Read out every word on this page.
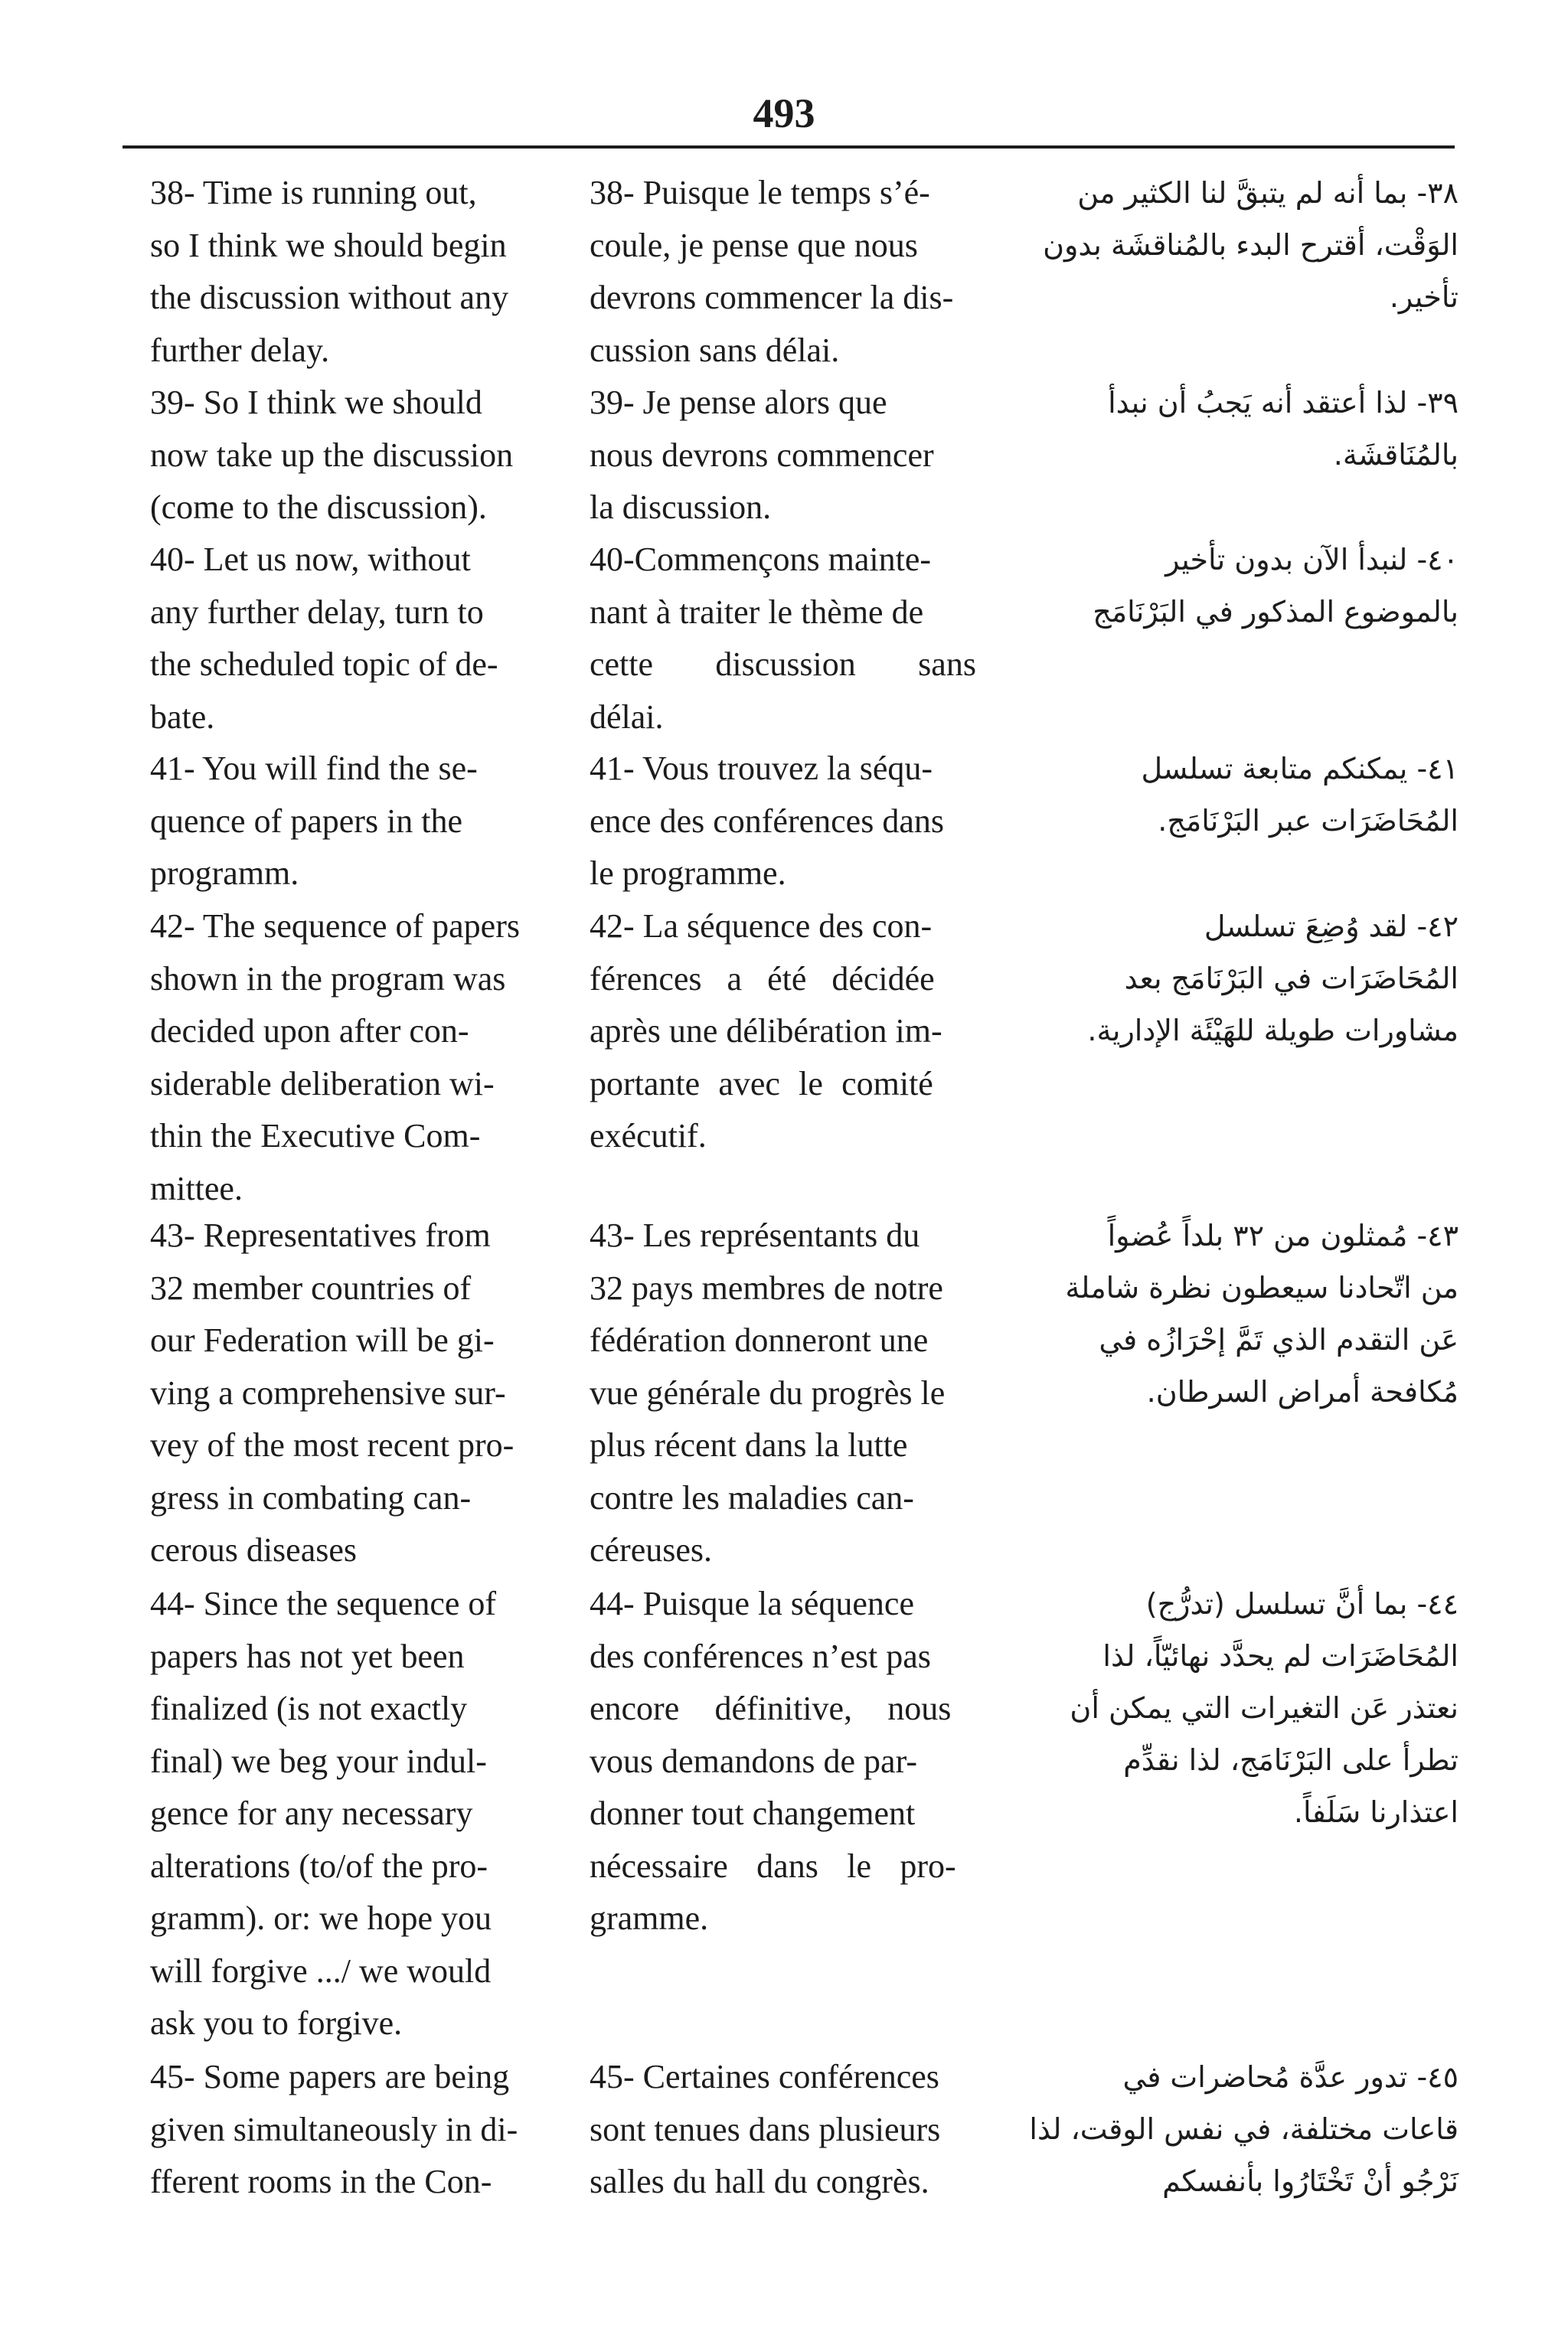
493
38- Time is running out,
so I think we should begin
the discussion without any
further delay.
38- Puisque le temps s’é-
coule, je pense que nous
devrons commencer la dis-
cussion sans délai.
٣٨- بما أنه لم يتبقَّ لنا الكثير من
الوَقْت، أقترح البدء بالمُناقشَة بدون
تأخير.
39- So I think we should
now take up the discussion
(come to the discussion).
39- Je pense alors que
nous devrons commencer
la discussion.
٣٩- لذا أعتقد أنه يَجبُ أن نبدأ
بالمُنَاقشَة.
40- Let us now, without
any further delay, turn to
the scheduled topic of de-
bate.
40-Commençons mainte-
nant à traiter le thème de
cette discussion sans
délai.
٤٠- لنبدأ الآن بدون تأخير
بالموضوع المذكور في البَرْنَامَج
41- You will find the se-
quence of papers in the
programm.
41- Vous trouvez la séqu-
ence des conférences dans
le programme.
٤١- يمكنكم متابعة تسلسل
المُحَاضَرَات عبر البَرْنَامَج.
42- The sequence of papers
shown in the program was
decided upon after con-
siderable deliberation wi-
thin the Executive Com-
mittee.
42- La séquence des con-
férences a été décidée
après une délibération im-
portante avec le comité
exécutif.
٤٢- لقد وُضِعَ تسلسل
المُحَاضَرَات في البَرْنَامَج بعد
مشاورات طويلة للهَيْئَة الإدارية.
43- Representatives from
32 member countries of
our Federation will be gi-
ving a comprehensive sur-
vey of the most recent pro-
gress in combating can-
cerous diseases
43- Les représentants du
32 pays membres de notre
fédération donneront une
vue générale du progrès le
plus récent dans la lutte
contre les maladies can-
céreuses.
٤٣- مُمثلون من ٣٢ بلداً عُضواً
من اتّحادنا سيعطون نظرة شاملة
عَن التقدم الذي تَمَّ إحْرَازُه في
مُكافحة أمراض السرطان.
44- Since the sequence of
papers has not yet been
finalized (is not exactly
final) we beg your indul-
gence for any necessary
alterations (to/of the pro-
gramm). or: we hope you
will forgive .../ we would
ask you to forgive.
44- Puisque la séquence
des conférences n’est pas
encore définitive, nous
vous demandons de par-
donner tout changement
nécessaire dans le pro-
gramme.
٤٤- بما أنَّ تسلسل (تدرُّج)
المُحَاضَرَات لم يحدَّد نهائيّاً، لذا
نعتذر عَن التغيرات التي يمكن أن
تطرأ على البَرْنَامَج، لذا نقدِّم
اعتذارنا سَلَفاً.
45- Some papers are being
given simultaneously in di-
fferent rooms in the Con-
45- Certaines conférences
sont tenues dans plusieurs
salles du hall du congrès.
٤٥- تدور عدَّة مُحاضرات في
قاعات مختلفة، في نفس الوقت، لذا
نَرْجُو أنْ تَخْتَارُوا بأنفسكم
